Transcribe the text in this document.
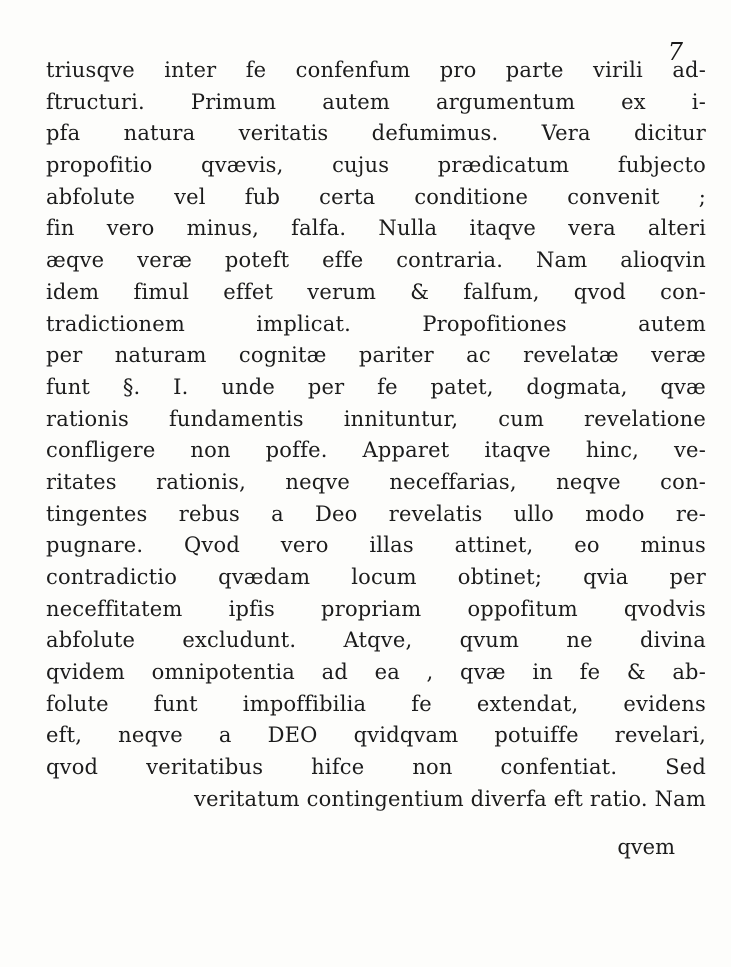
7
triusqve inter fe confenfum pro parte virili ad-
ftructuri. Primum autem argumentum ex i-
pfa natura veritatis defumimus. Vera dicitur
propofitio qvævis, cujus prædicatum fubjecto
abfolute vel fub certa conditione convenit ;
fin vero minus, falfa. Nulla itaqve vera alteri
æqve veræ poteft effe contraria. Nam alioqvin
idem fimul effet verum & falfum, qvod con-
tradictionem implicat. Propofitiones autem
per naturam cognitæ pariter ac revelatæ veræ
funt §. I. unde per fe patet, dogmata, qvæ
rationis fundamentis innituntur, cum revelatione
confligere non poffe. Apparet itaqve hinc, ve-
ritates rationis, neqve neceffarias, neqve con-
tingentes rebus a Deo revelatis ullo modo re-
pugnare. Qvod vero illas attinet, eo minus
contradictio qvædam locum obtinet; qvia per
neceffitatem ipfis propriam oppofitum qvodvis
abfolute excludunt. Atqve, qvum ne divina
qvidem omnipotentia ad ea , qvæ in fe & ab-
folute funt impoffibilia fe extendat, evidens
eft, neqve a DEO qvidqvam potuiffe revelari,
qvod veritatibus hifce non confentiat. Sed
veritatum contingentium diverfa eft ratio. Nam
qvem
